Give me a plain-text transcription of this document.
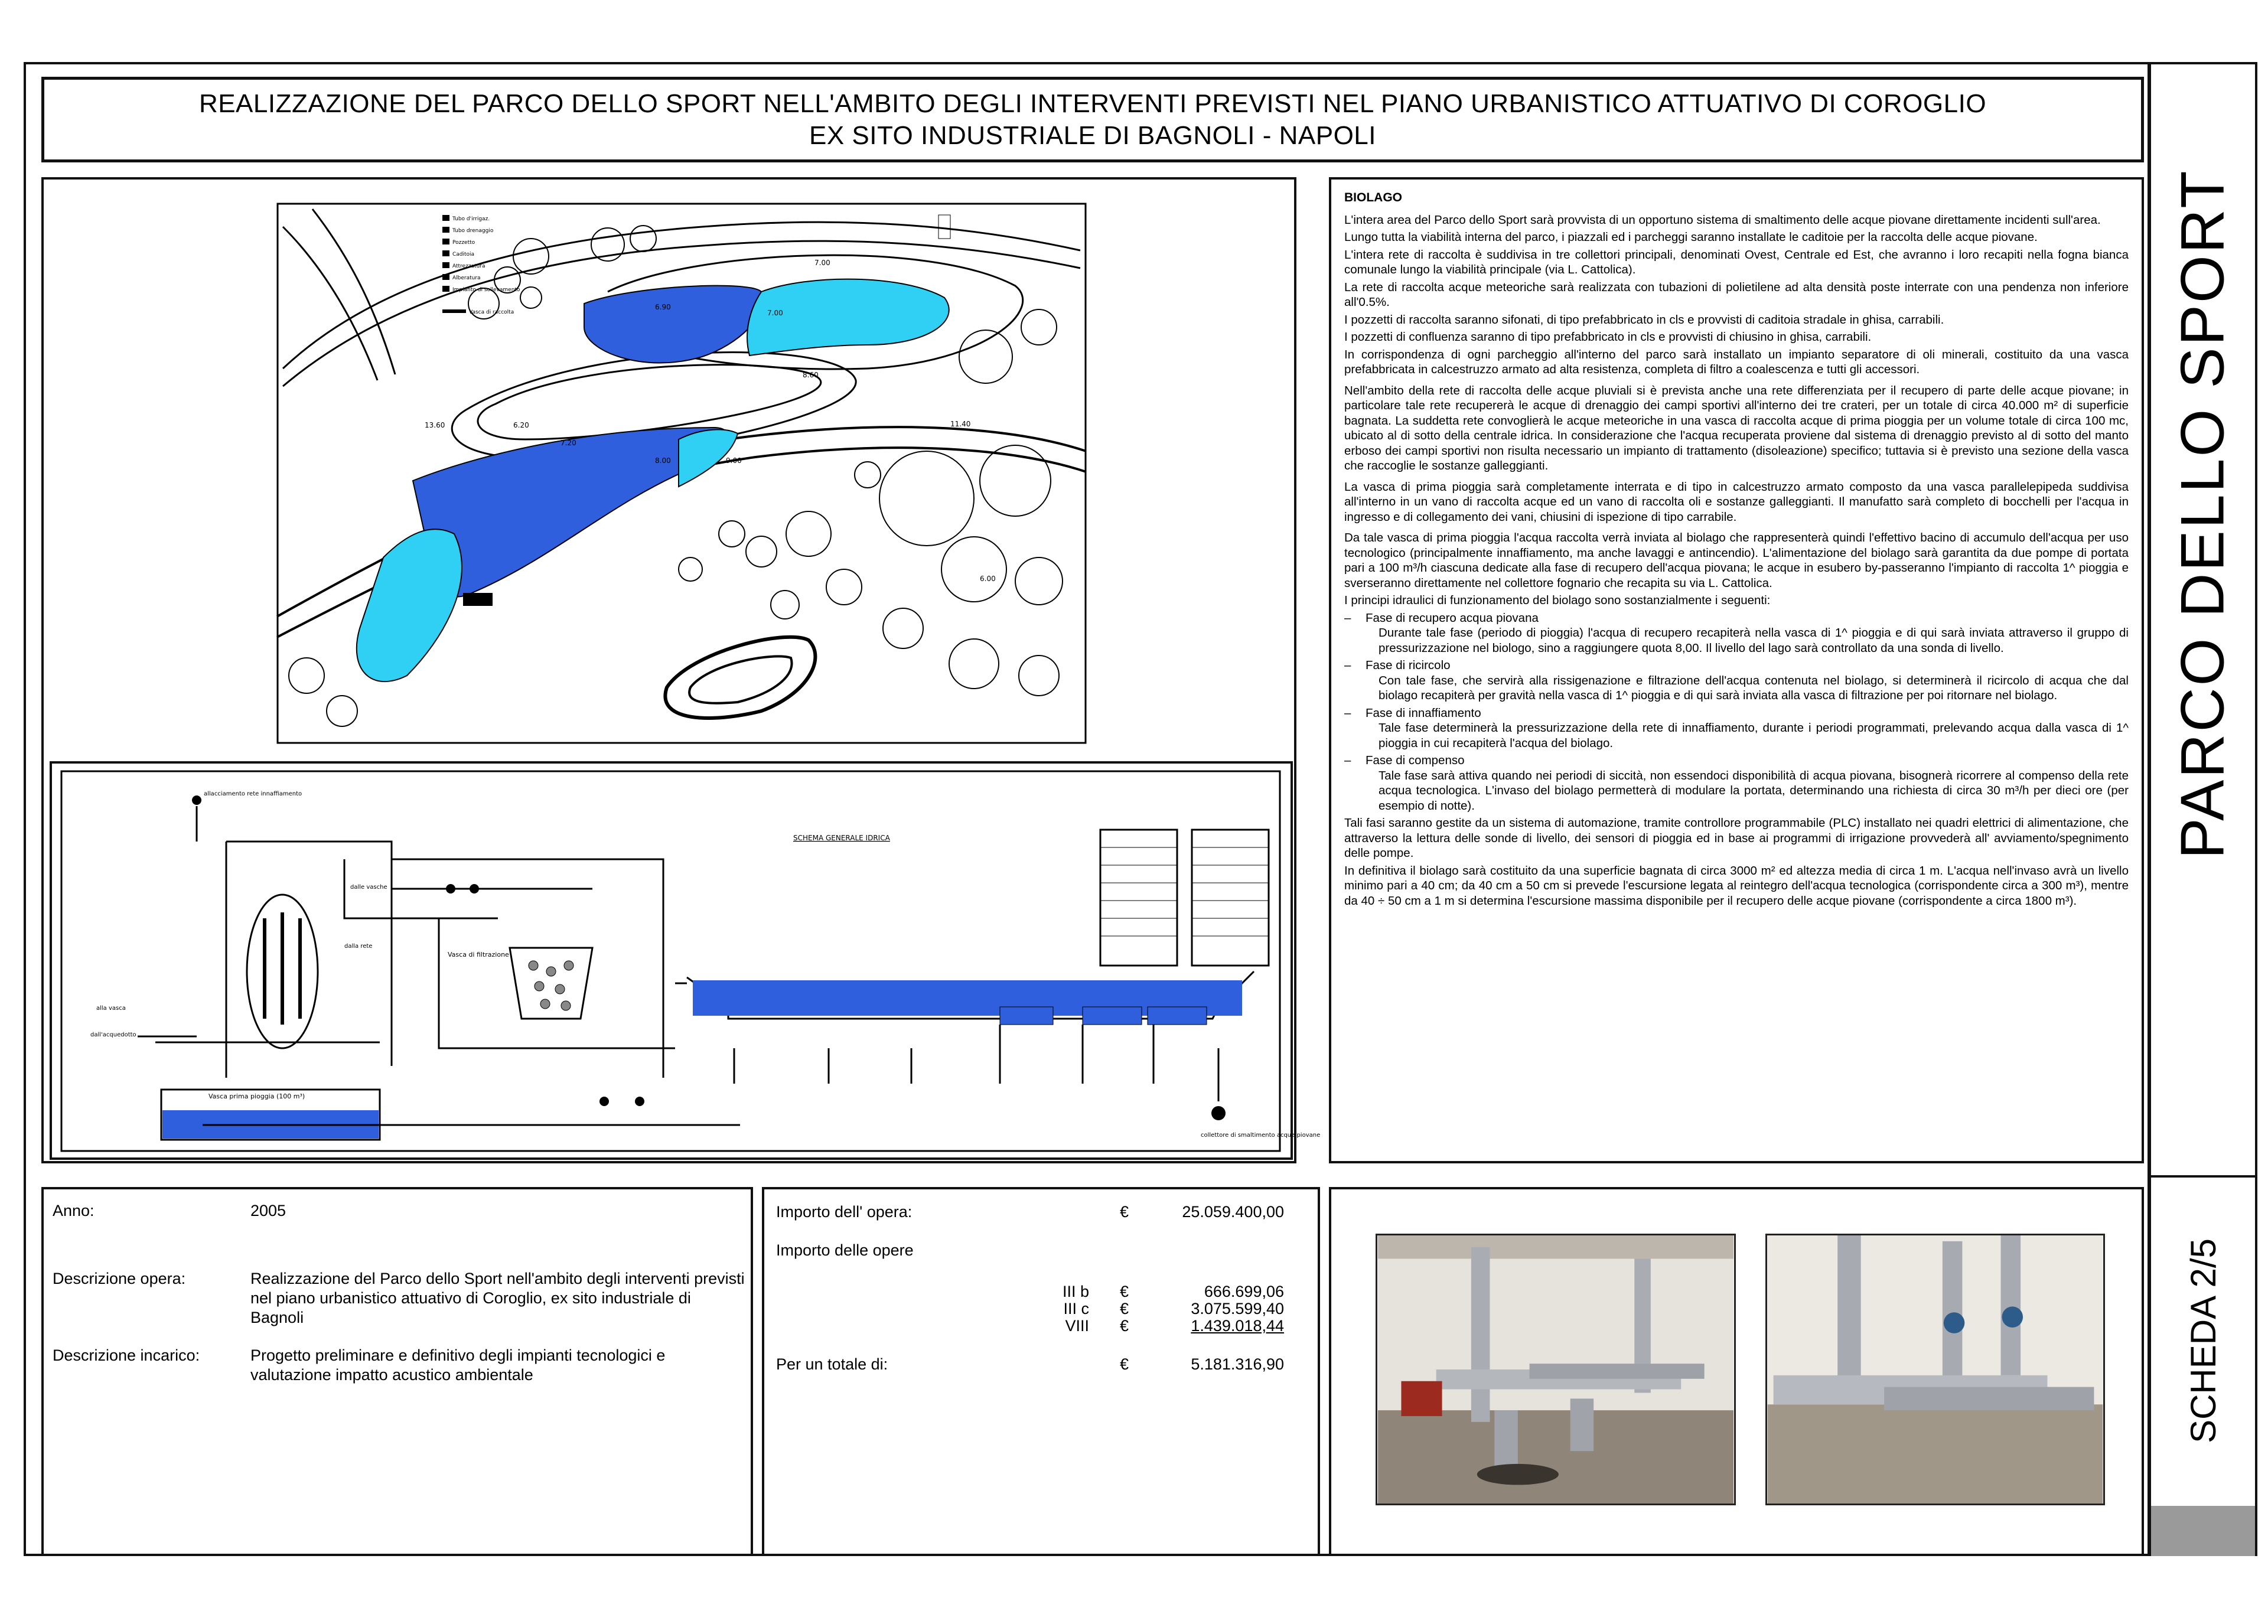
REALIZZAZIONE DEL PARCO DELLO SPORT NELL'AMBITO DEGLI INTERVENTI PREVISTI NEL PIANO URBANISTICO ATTUATIVO DI COROGLIO
EX SITO INDUSTRIALE DI BAGNOLI - NAPOLI
PARCO DELLO SPORT
SCHEDA 2/5
Tubo d'irrigaz.
Tubo drenaggio
Pozzetto
Caditoia
Attrezzatura
Alberatura
Impianto di sollevamento
Vasca di raccolta
7.00
7.00
6.90
8.60
11.40
13.60
8.00	9.00
6.00
7.20
6.20
SCHEMA GENERALE IDRICA
Vasca prima pioggia (100 m³)
Vasca di filtrazione
allacciamento rete innaffiamento
dalle vasche
dalla rete
dall'acquedotto
alla vasca
collettore di smaltimento acque piovane
BIOLAGO

L'intera area del Parco dello Sport sarà provvista di un opportuno sistema di smaltimento delle acque piovane direttamente incidenti sull'area.

Lungo tutta la viabilità interna del parco, i piazzali ed i parcheggi saranno installate le caditoie per la raccolta delle acque piovane.

L'intera rete di raccolta è suddivisa in tre collettori principali, denominati Ovest, Centrale ed Est, che avranno i loro recapiti nella fogna bianca comunale lungo la viabilità principale (via L. Cattolica).

La rete di raccolta acque meteoriche sarà realizzata con tubazioni di polietilene ad alta densità poste interrate con una pendenza non inferiore all'0.5%.

I pozzetti di raccolta saranno sifonati, di tipo prefabbricato in cls e provvisti di caditoia stradale in ghisa, carrabili.

I pozzetti di confluenza saranno di tipo prefabbricato in cls e provvisti di chiusino in ghisa, carrabili.

In corrispondenza di ogni parcheggio all'interno del parco sarà installato un impianto separatore di oli minerali, costituito da una vasca prefabbricata in calcestruzzo armato ad alta resistenza, completa di filtro a coalescenza e tutti gli accessori.

Nell'ambito della rete di raccolta delle acque pluviali si è prevista anche una rete differenziata per il recupero di parte delle acque piovane; in particolare tale rete recupererà le acque di drenaggio dei campi sportivi all'interno dei tre crateri, per un totale di circa 40.000 m² di superficie bagnata. La suddetta rete convoglierà le acque meteoriche in una vasca di raccolta acque di prima pioggia per un volume totale di circa 100 mc, ubicato al di sotto della centrale idrica. In considerazione che l'acqua recuperata proviene dal sistema di drenaggio previsto al di sotto del manto erboso dei campi sportivi non risulta necessario un impianto di trattamento (disoleazione) specifico; tuttavia si è previsto una sezione della vasca che raccoglie le sostanze galleggianti.

La vasca di prima pioggia sarà completamente interrata e di tipo in calcestruzzo armato composto da una vasca parallelepipeda suddivisa all'interno in un vano di raccolta acque ed un vano di raccolta oli e sostanze galleggianti. Il manufatto sarà completo di bocchelli per l'acqua in ingresso e di collegamento dei vani, chiusini di ispezione di tipo carrabile.

Da tale vasca di prima pioggia l'acqua raccolta verrà inviata al biolago che rappresenterà quindi l'effettivo bacino di accumulo dell'acqua per uso tecnologico (principalmente innaffiamento, ma anche lavaggi e antincendio). L'alimentazione del biolago sarà garantita da due pompe di portata pari a 100 m³/h ciascuna dedicate alla fase di recupero dell'acqua piovana; le acque in esubero by-passeranno l'impianto di raccolta 1^ pioggia e sverseranno direttamente nel collettore fognario che recapita su via L. Cattolica.

I principi idraulici di funzionamento del biolago sono sostanzialmente i seguenti:

–	Fase di recupero acqua piovana
Durante tale fase (periodo di pioggia) l'acqua di recupero recapiterà nella vasca di 1^ pioggia e di qui sarà inviata attraverso il gruppo di pressurizzazione nel biologo, sino a raggiungere quota 8,00. Il livello del lago sarà controllato da una sonda di livello.
–	Fase di ricircolo
Con tale fase, che servirà alla rissigenazione e filtrazione dell'acqua contenuta nel biolago, si determinerà il ricircolo di acqua che dal biolago recapiterà per gravità nella vasca di 1^ pioggia e di qui sarà inviata alla vasca di filtrazione per poi ritornare nel biolago.
–	Fase di innaffiamento
Tale fase determinerà la pressurizzazione della rete di innaffiamento, durante i periodi programmati, prelevando acqua dalla vasca di 1^ pioggia in cui recapiterà l'acqua del biolago.
–	Fase di compenso
Tale fase sarà attiva quando nei periodi di siccità, non essendoci disponibilità di acqua piovana, bisognerà ricorrere al compenso della rete acqua tecnologica. L'invaso del biolago permetterà di modulare la portata, determinando una richiesta di circa 30 m³/h per dieci ore (per esempio di notte).

Tali fasi saranno gestite da un sistema di automazione, tramite controllore programmabile (PLC) installato nei quadri elettrici di alimentazione, che attraverso la lettura delle sonde di livello, dei sensori di pioggia ed in base ai programmi di irrigazione provvederà all' avviamento/spegnimento delle pompe.

In definitiva il biolago sarà costituito da una superficie bagnata di circa 3000 m² ed altezza media di circa 1 m. L'acqua nell'invaso avrà un livello minimo pari a 40 cm; da 40 cm a 50 cm si prevede l'escursione legata al reintegro dell'acqua tecnologica (corrispondente circa a 300 m³), mentre da 40 ÷ 50 cm a 1 m si determina l'escursione massima disponibile per il recupero delle acque piovane (corrispondente a circa 1800 m³).

Anno:	2005
Descrizione opera:	Realizzazione del Parco dello Sport nell'ambito degli interventi previsti nel piano urbanistico attuativo di Coroglio, ex sito industriale di Bagnoli
Descrizione incarico:	Progetto preliminare e definitivo degli impianti tecnologici e valutazione impatto acustico ambientale
Importo dell' opera:	€	25.059.400,00
Importo delle opere
III b €	666.699,06
III c €	3.075.599,40
VIII €	1.439.018,44
Per un totale di:	€	5.181.316,90
